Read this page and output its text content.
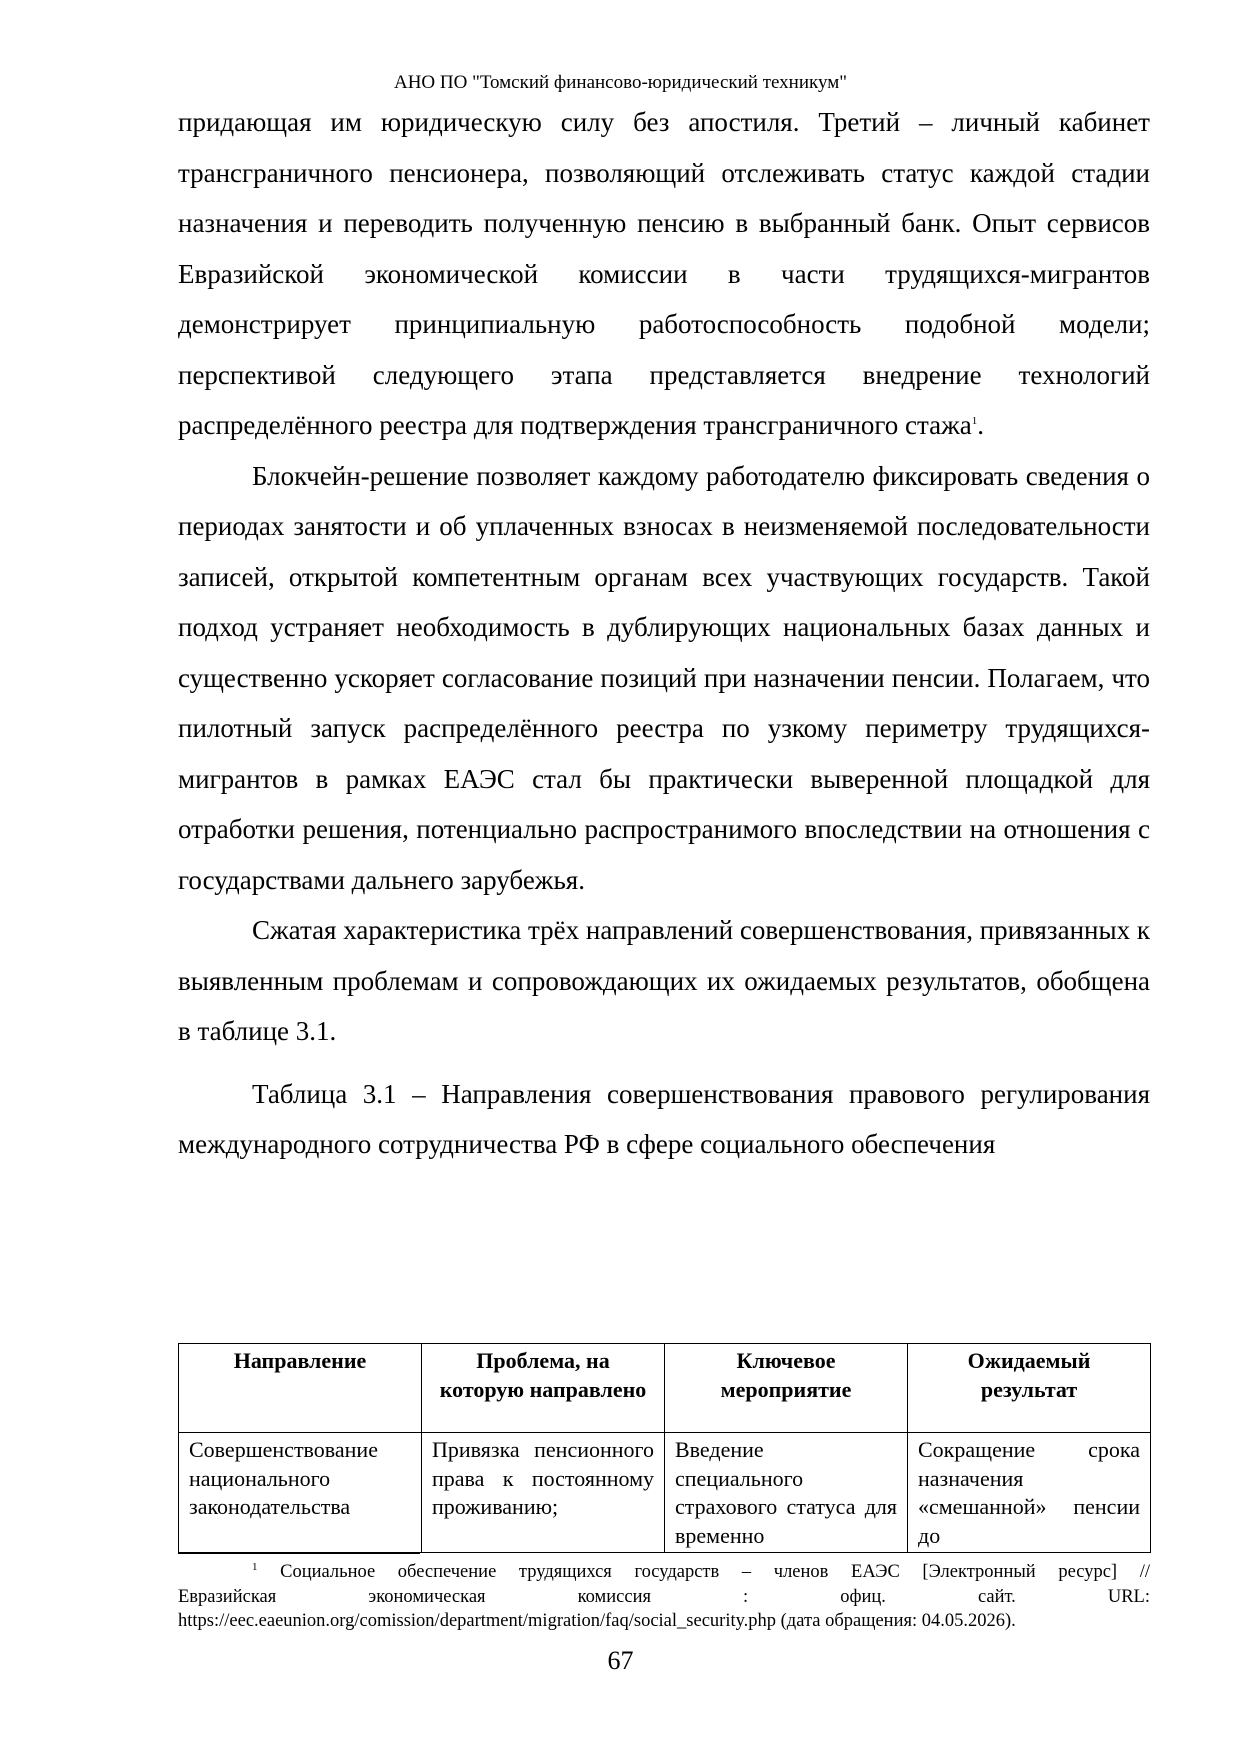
АНО ПО "Томский финансово-юридический техникум"

придающая им юридическую силу без апостиля. Третий – личный кабинет трансграничного пенсионера, позволяющий отслеживать статус каждой стадии назначения и переводить полученную пенсию в выбранный банк. Опыт сервисов Евразийской экономической комиссии в части трудящихся-мигрантов демонстрирует принципиальную работоспособность подобной модели; перспективой следующего этапа представляется внедрение технологий распределённого реестра для подтверждения трансграничного стажа$^1$.

Блокчейн-решение позволяет каждому работодателю фиксировать сведения о периодах занятости и об уплаченных взносах в неизменяемой последовательности записей, открытой компетентным органам всех участвующих государств. Такой подход устраняет необходимость в дублирующих национальных базах данных и существенно ускоряет согласование позиций при назначении пенсии. Полагаем, что пилотный запуск распределённого реестра по узкому периметру трудящихся-мигрантов в рамках ЕАЭС стал бы практически выверенной площадкой для отработки решения, потенциально распространимого впоследствии на отношения с государствами дальнего зарубежья.

Сжатая характеристика трёх направлений совершенствования, привязанных к выявленным проблемам и сопровождающих их ожидаемых результатов, обобщена в таблице 3.1.

Таблица 3.1 – Направления совершенствования правового регулирования международного сотрудничества РФ в сфере социального обеспечения

Направление	Проблема, на которую направлено	Ключевое мероприятие	Ожидаемый результат
Совершенствование национального законодательства	Привязка пенсионного права к постоянному проживанию;	Введение специального страхового статуса для временно	Сокращение срока назначения «смешанной» пенсии до
$^1$ Социальное обеспечение трудящихся государств – членов ЕАЭС [Электронный ресурс] //
Евразийская экономическая комиссия : офиц. сайт. URL:
https://eec.eaeunion.org/comission/department/migration/faq/social_security.php (дата обращения: 04.05.2026).
67
